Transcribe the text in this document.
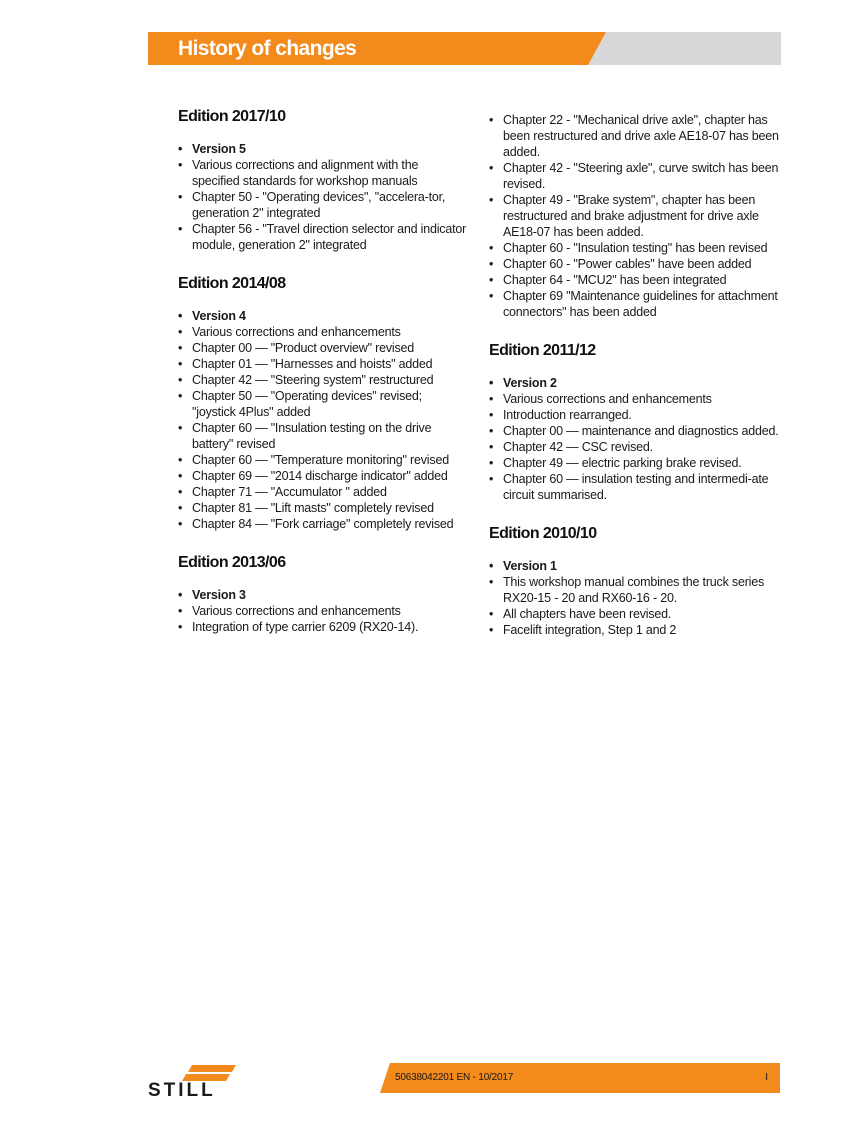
History of changes
Edition 2017/10
• Version 5
• Various corrections and alignment with the specified standards for workshop manuals
• Chapter 50 - "Operating devices", "accelera-tor, generation 2" integrated
• Chapter 56 - "Travel direction selector and indicator module, generation 2" integrated
Edition 2014/08
• Version 4
• Various corrections and enhancements
• Chapter 00 — "Product overview" revised
• Chapter 01 — "Harnesses and hoists" added
• Chapter 42 — "Steering system" restructured
• Chapter 50 — "Operating devices" revised; "joystick 4Plus" added
• Chapter 60 — "Insulation testing on the drive battery" revised
• Chapter 60 — "Temperature monitoring" revised
• Chapter 69 — "2014 discharge indicator" added
• Chapter 71 — "Accumulator " added
• Chapter 81 — "Lift masts" completely revised
• Chapter 84 — "Fork carriage" completely revised
Edition 2013/06
• Version 3
• Various corrections and enhancements
• Integration of type carrier 6209 (RX20-14).
• Chapter 22 - "Mechanical drive axle", chapter has been restructured and drive axle AE18-07 has been added.
• Chapter 42 - "Steering axle", curve switch has been revised.
• Chapter 49 - "Brake system", chapter has been restructured and brake adjustment for drive axle AE18-07 has been added.
• Chapter 60 - "Insulation testing" has been revised
• Chapter 60 - "Power cables" have been added
• Chapter 64 - "MCU2" has been integrated
• Chapter 69 "Maintenance guidelines for attachment connectors" has been added
Edition 2011/12
• Version 2
• Various corrections and enhancements
• Introduction rearranged.
• Chapter 00 — maintenance and diagnostics added.
• Chapter 42 — CSC revised.
• Chapter 49 — electric parking brake revised.
• Chapter 60 — insulation testing and intermedi-ate circuit summarised.
Edition 2010/10
• Version 1
• This workshop manual combines the truck series RX20-15 - 20 and RX60-16 - 20.
• All chapters have been revised.
• Facelift integration, Step 1 and 2
STILL
50638042201 EN - 10/2017	I
